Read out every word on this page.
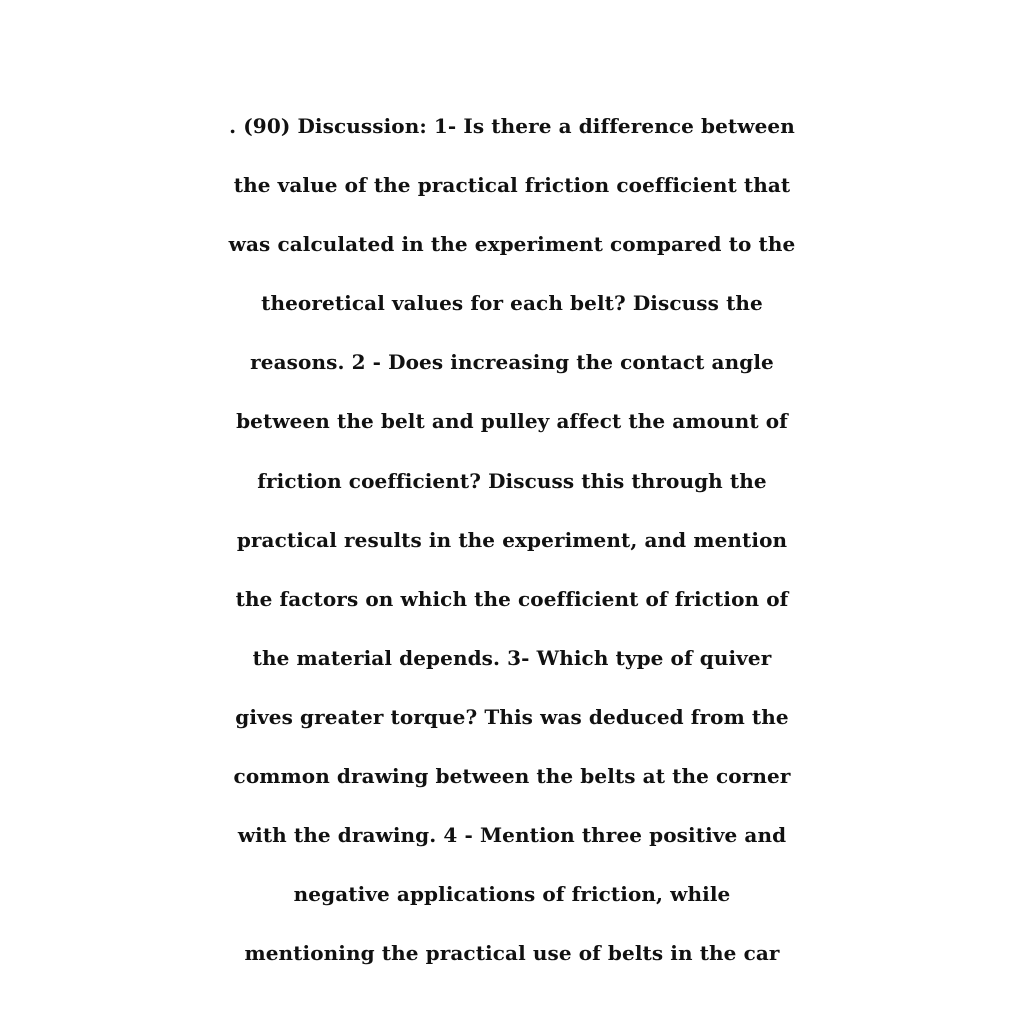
. (90) Discussion: 1- Is there a difference between
the value of the practical friction coefficient that
was calculated in the experiment compared to the
theoretical values for each belt? Discuss the
reasons. 2 - Does increasing the contact angle
between the belt and pulley affect the amount of
friction coefficient? Discuss this through the
practical results in the experiment, and mention
the factors on which the coefficient of friction of
the material depends. 3- Which type of quiver
gives greater torque? This was deduced from the
common drawing between the belts at the corner
with the drawing. 4 - Mention three positive and
negative applications of friction, while
mentioning the practical use of belts in the car
